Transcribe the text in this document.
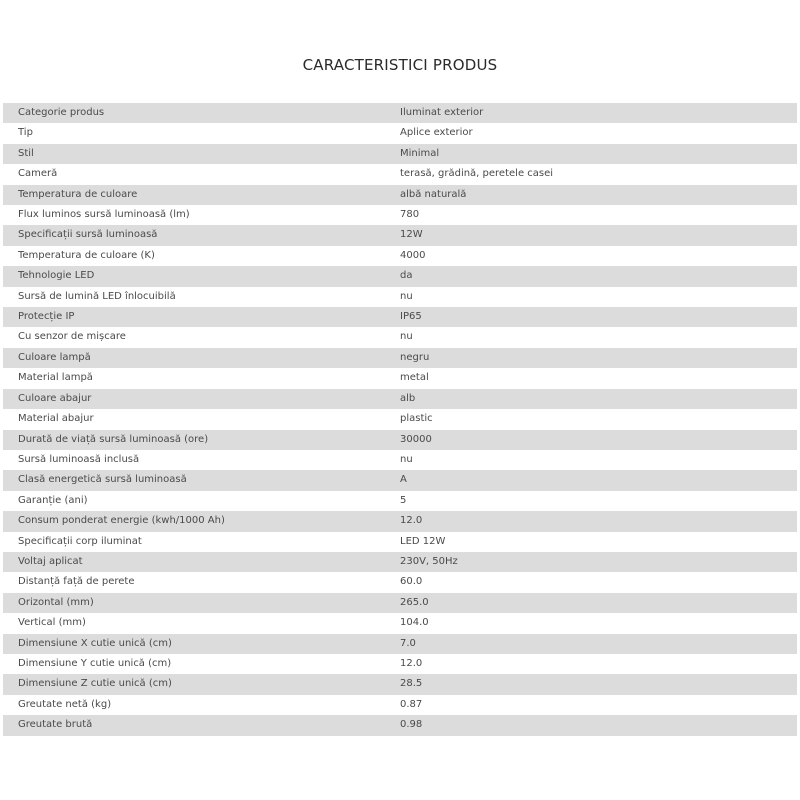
CARACTERISTICI PRODUS
Categorie produs	Iluminat exterior
Tip	Aplice exterior
Stil	Minimal
Cameră	terasă, grădină, peretele casei
Temperatura de culoare	albă naturală
Flux luminos sursă luminoasă (lm)	780
Specificații sursă luminoasă	12W
Temperatura de culoare (K)	4000
Tehnologie LED	da
Sursă de lumină LED înlocuibilă	nu
Protecție IP	IP65
Cu senzor de mișcare	nu
Culoare lampă	negru
Material lampă	metal
Culoare abajur	alb
Material abajur	plastic
Durată de viață sursă luminoasă (ore)	30000
Sursă luminoasă inclusă	nu
Clasă energetică sursă luminoasă	A
Garanție (ani)	5
Consum ponderat energie (kwh/1000 Ah)	12.0
Specificații corp iluminat	LED 12W
Voltaj aplicat	230V, 50Hz
Distanță față de perete	60.0
Orizontal (mm)	265.0
Vertical (mm)	104.0
Dimensiune X cutie unică (cm)	7.0
Dimensiune Y cutie unică (cm)	12.0
Dimensiune Z cutie unică (cm)	28.5
Greutate netă (kg)	0.87
Greutate brută	0.98
